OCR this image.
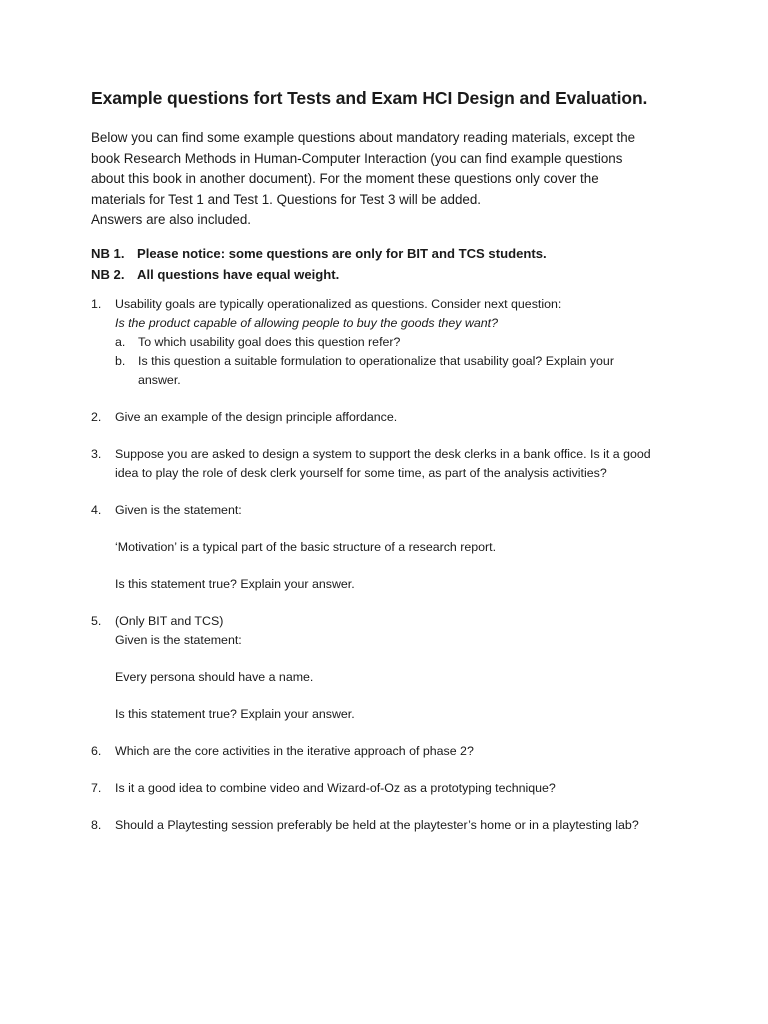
Example questions fort Tests and Exam HCI Design and Evaluation.
Below you can find some example questions about mandatory reading materials, except the
book Research Methods in Human-Computer Interaction (you can find example questions
about this book in another document). For the moment these questions only cover the
materials for Test 1 and Test 1. Questions for Test 3 will be added.
Answers are also included.
NB 1. Please notice: some questions are only for BIT and TCS students.
NB 2. All questions have equal weight.
1.	Usability goals are typically operationalized as questions. Consider next question:
Is the product capable of allowing people to buy the goods they want?
a.	To which usability goal does this question refer?
b.	Is this question a suitable formulation to operationalize that usability goal? Explain your
answer.
2.	Give an example of the design principle affordance.
3.	Suppose you are asked to design a system to support the desk clerks in a bank office. Is it a good
idea to play the role of desk clerk yourself for some time, as part of the analysis activities?
4.	Given is the statement:
‘Motivation’ is a typical part of the basic structure of a research report.
Is this statement true? Explain your answer.
5.	(Only BIT and TCS)
Given is the statement:
Every persona should have a name.
Is this statement true? Explain your answer.
6.	Which are the core activities in the iterative approach of phase 2?
7.	Is it a good idea to combine video and Wizard-of-Oz as a prototyping technique?
8.	Should a Playtesting session preferably be held at the playtester’s home or in a playtesting lab?
